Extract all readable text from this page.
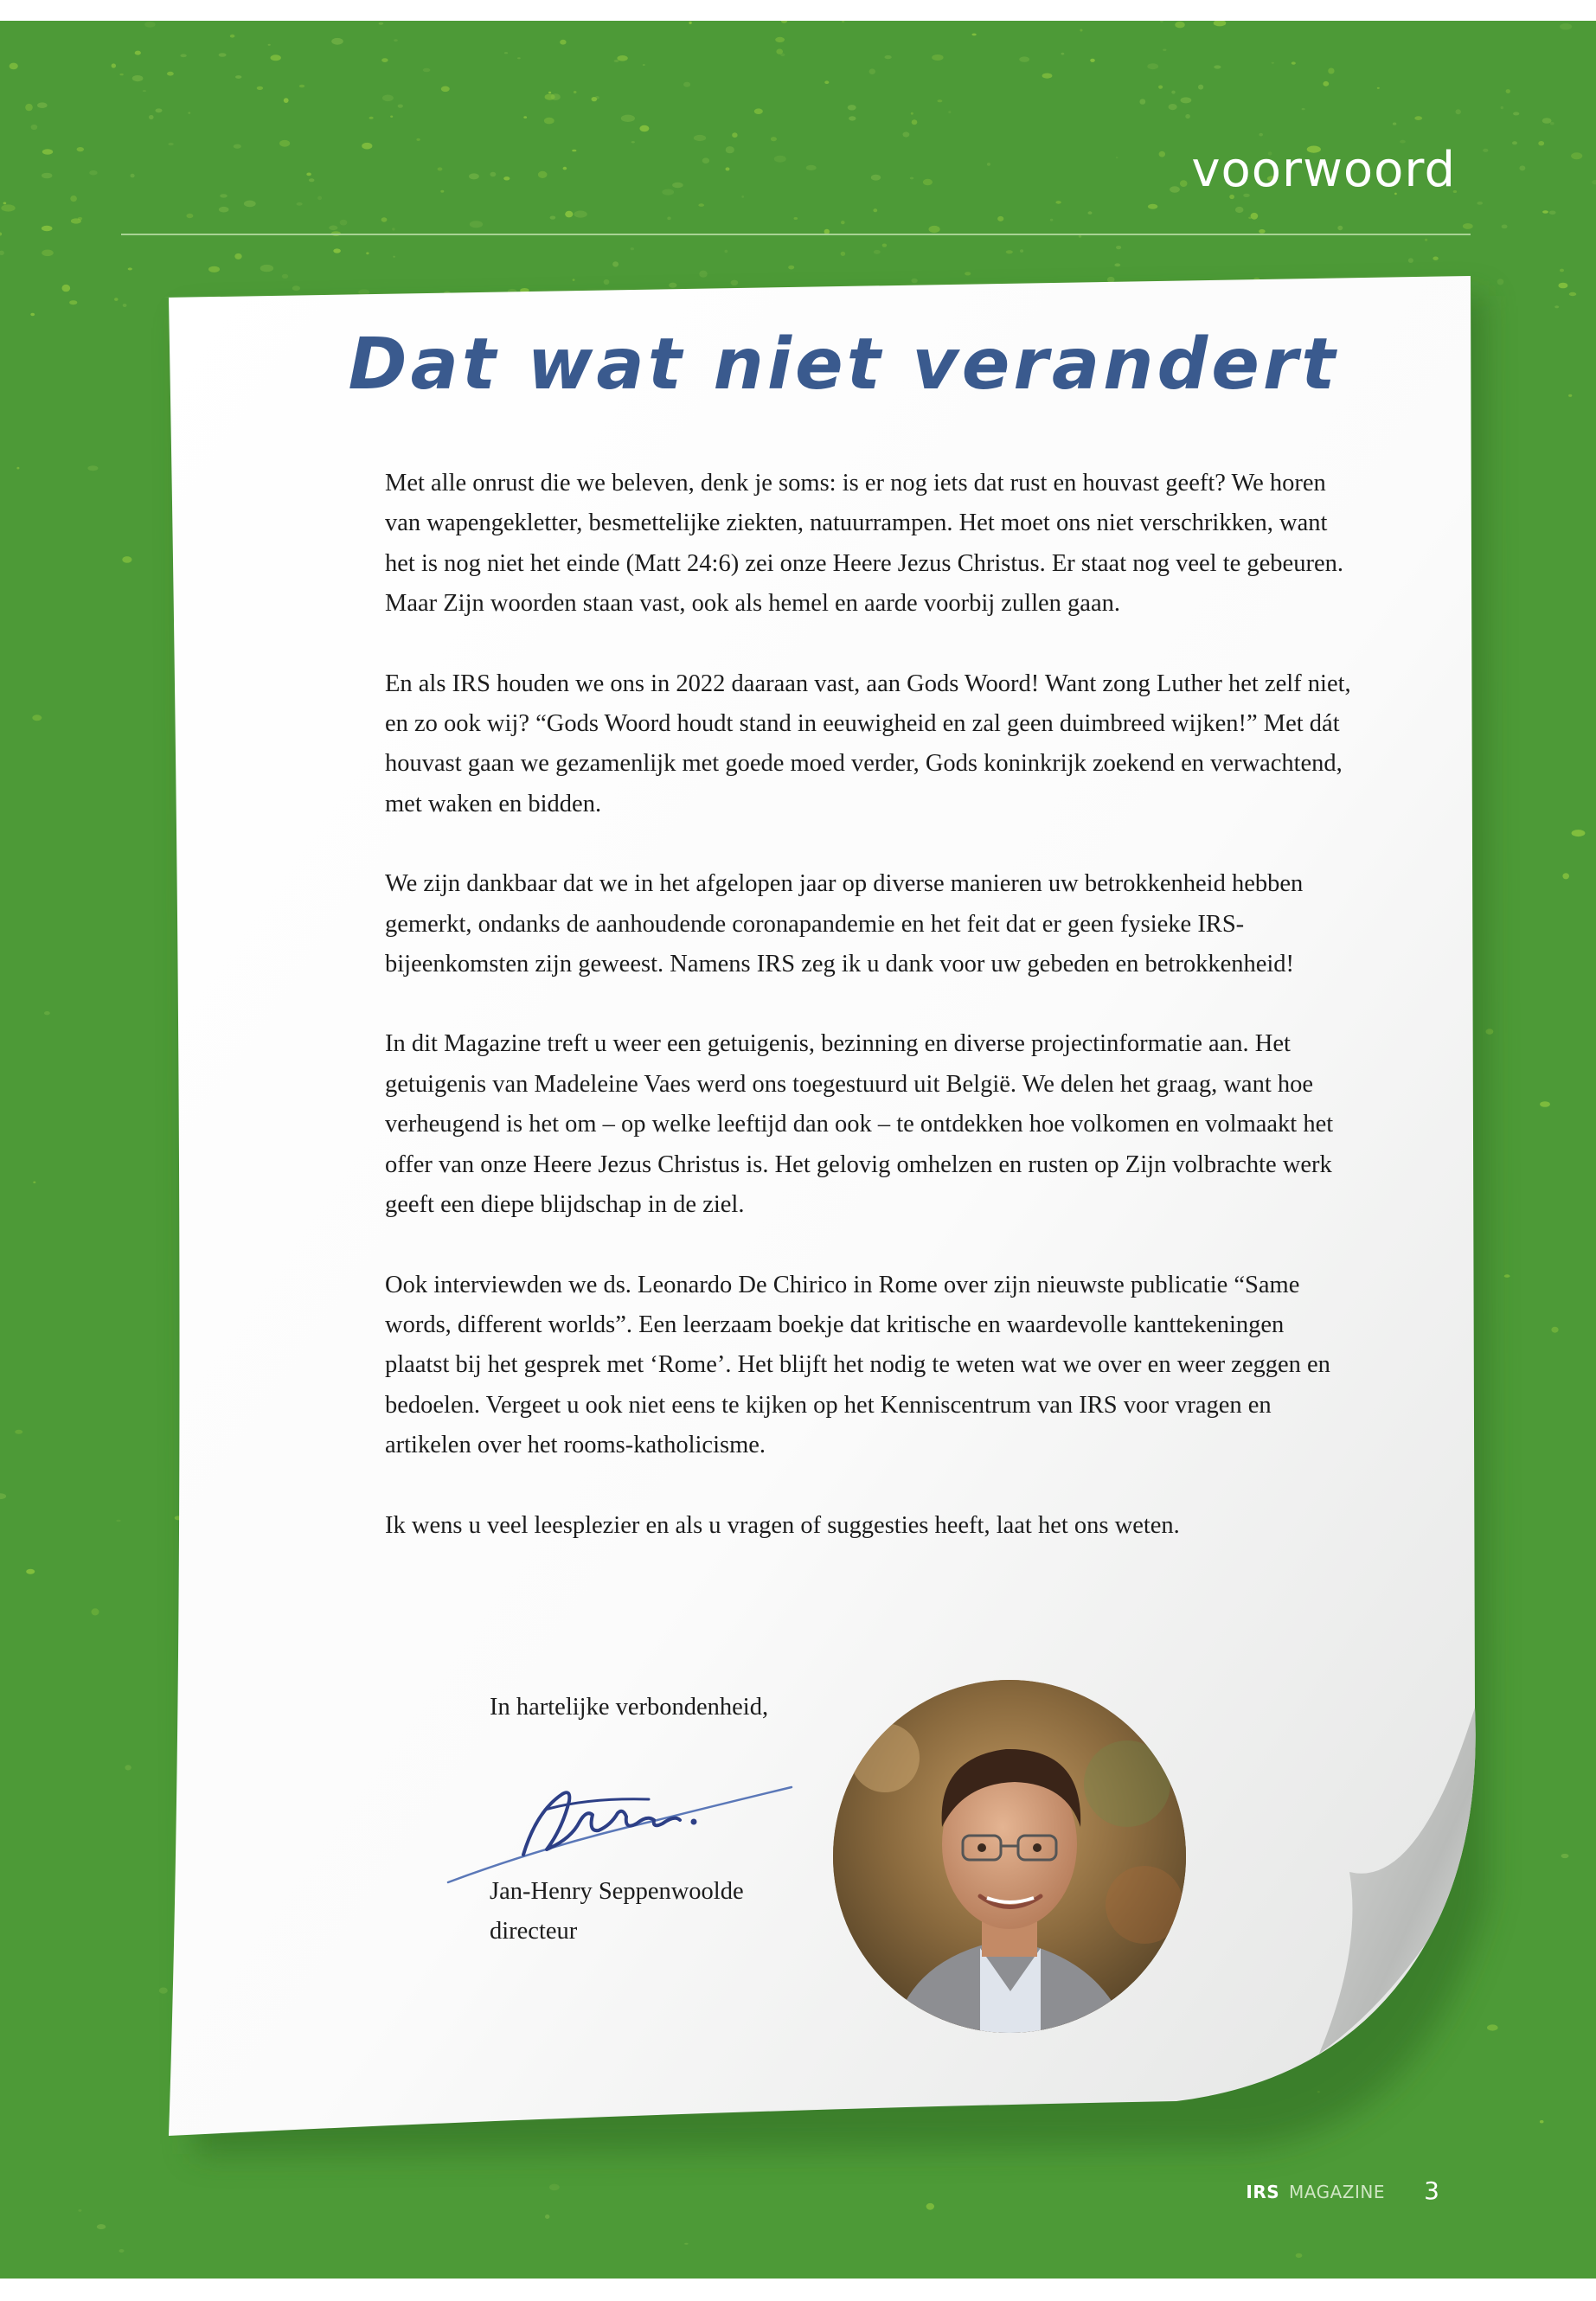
voorwoord
Dat wat niet verandert

Met alle onrust die we beleven, denk je soms: is er nog iets dat rust en houvast geeft? We horen van wapengekletter, besmettelijke ziekten, natuurrampen. Het moet ons niet verschrikken, want het is nog niet het einde (Matt 24:6) zei onze Heere Jezus Christus. Er staat nog veel te gebeuren. Maar Zijn woorden staan vast, ook als hemel en aarde voorbij zullen gaan.

En als IRS houden we ons in 2022 daaraan vast, aan Gods Woord! Want zong Luther het zelf niet, en zo ook wij? “Gods Woord houdt stand in eeuwigheid en zal geen duimbreed wijken!” Met dát houvast gaan we gezamenlijk met goede moed verder, Gods koninkrijk zoekend en verwachtend, met waken en bidden.

We zijn dankbaar dat we in het afgelopen jaar op diverse manieren uw betrokkenheid hebben gemerkt, ondanks de aanhoudende coronapandemie en het feit dat er geen fysieke IRS-bijeenkomsten zijn geweest. Namens IRS zeg ik u dank voor uw gebeden en betrokkenheid!

In dit Magazine treft u weer een getuigenis, bezinning en diverse projectinformatie aan. Het getuigenis van Madeleine Vaes werd ons toegestuurd uit België. We delen het graag, want hoe verheugend is het om – op welke leeftijd dan ook – te ontdekken hoe volkomen en volmaakt het offer van onze Heere Jezus Christus is. Het gelovig omhelzen en rusten op Zijn volbrachte werk geeft een diepe blijdschap in de ziel.

Ook interviewden we ds. Leonardo De Chirico in Rome over zijn nieuwste publicatie “Same words, different worlds”. Een leerzaam boekje dat kritische en waardevolle kanttekeningen plaatst bij het gesprek met ‘Rome’. Het blijft het nodig te weten wat we over en weer zeggen en bedoelen. Vergeet u ook niet eens te kijken op het Kenniscentrum van IRS voor vragen en artikelen over het rooms-katholicisme.

Ik wens u veel leesplezier en als u vragen of suggesties heeft, laat het ons weten.

In hartelijke verbondenheid,
Jan-Henry Seppenwoolde
directeur
IRS MAGAZINE 3
